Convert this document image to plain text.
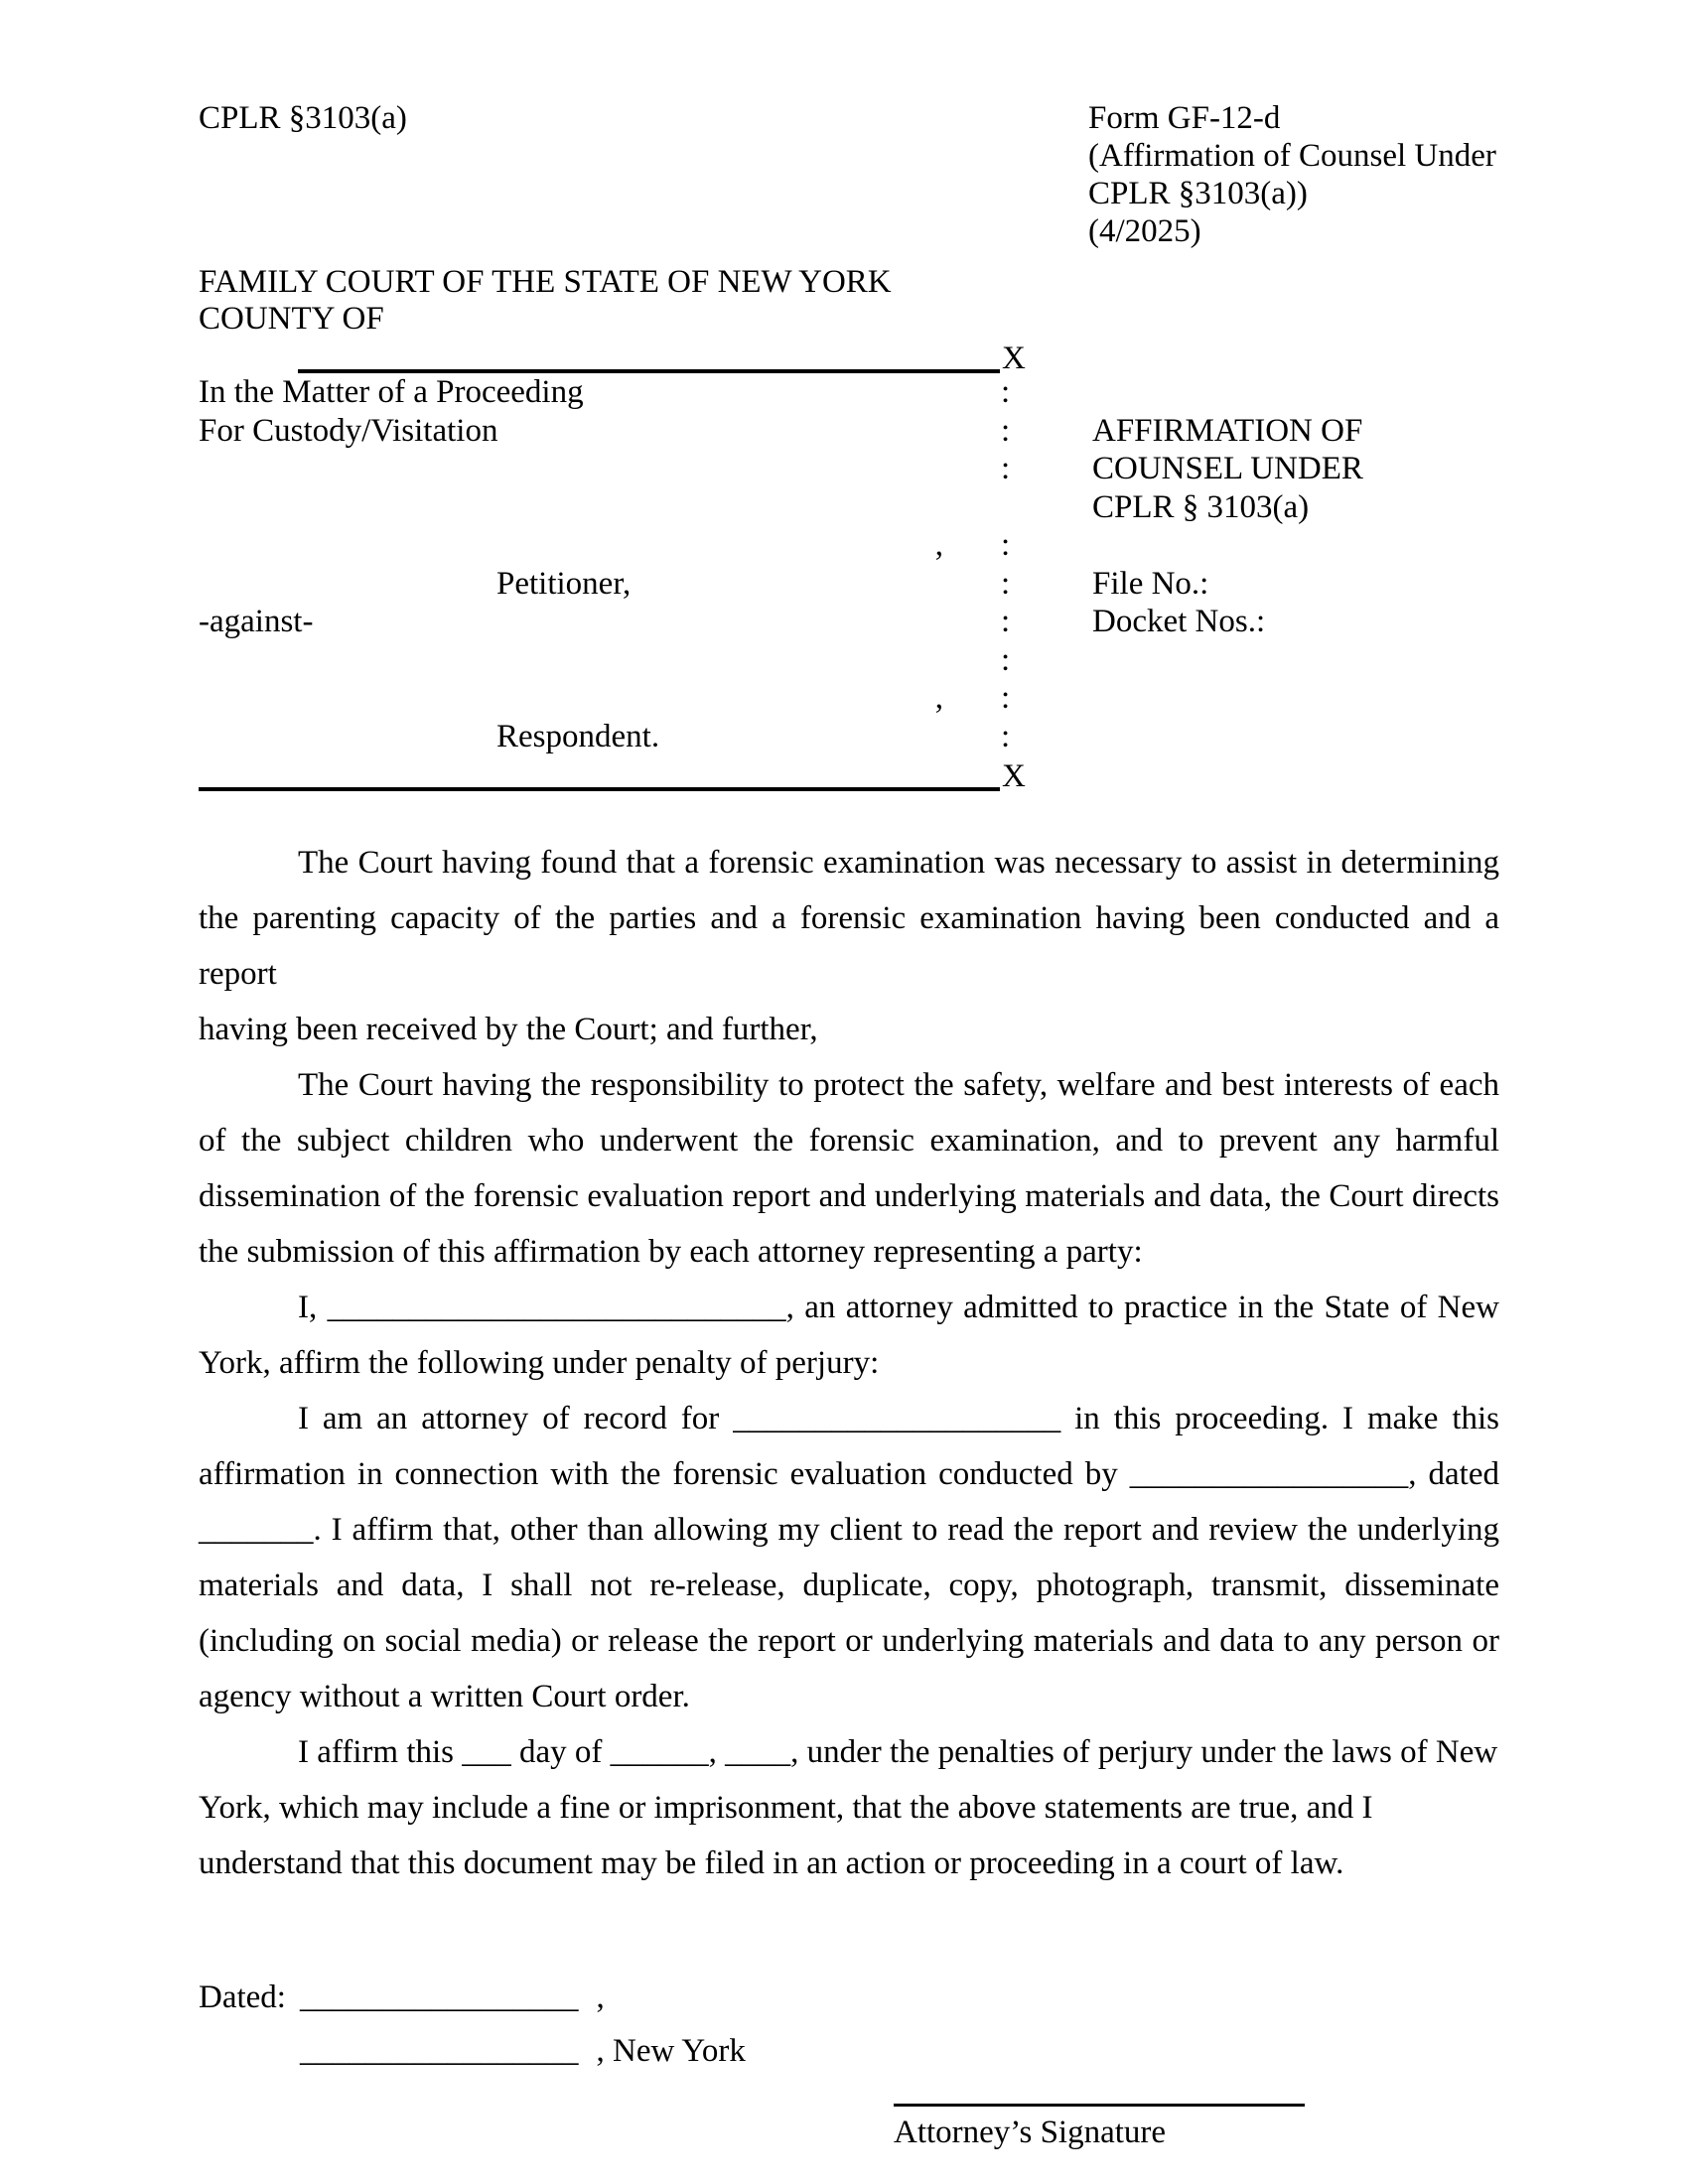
CPLR §3103(a)	Form GF-12-d
(Affirmation of Counsel Under
CPLR §3103(a))
(4/2025)
FAMILY COURT OF THE STATE OF NEW YORK
COUNTY OF
X
In the Matter of a Proceeding	:
For Custody/Visitation	:	AFFIRMATION OF
:	COUNSEL UNDER
CPLR § 3103(a)
,	:
Petitioner,	:	File No.:
-against-	:	Docket Nos.:
:
,	:
Respondent.	:
X
The Court having found that a forensic examination was necessary to assist in determining
the parenting capacity of the parties and a forensic examination having been conducted and a report
having been received by the Court; and further,
The Court having the responsibility to protect the safety, welfare and best interests of each
of the subject children who underwent the forensic examination, and to prevent any harmful
dissemination of the forensic evaluation report and underlying materials and data, the Court directs
the submission of this affirmation by each attorney representing a party:
I, ____________________________, an attorney admitted to practice in the State of New
York, affirm the following under penalty of perjury:
I am an attorney of record for ____________________ in this proceeding. I make this
affirmation in connection with the forensic evaluation conducted by _________________, dated
_______. I affirm that, other than allowing my client to read the report and review the underlying
materials and data, I shall not re-release, duplicate, copy, photograph, transmit, disseminate
(including on social media) or release the report or underlying materials and data to any person or
agency without a written Court order.
I affirm this ___ day of ______, ____, under the penalties of perjury under the laws of New
York, which may include a fine or imprisonment, that the above statements are true, and I
understand that this document may be filed in an action or proceeding in a court of law.
Dated: _________________ ,
_________________ , New York
Attorney’s Signature
